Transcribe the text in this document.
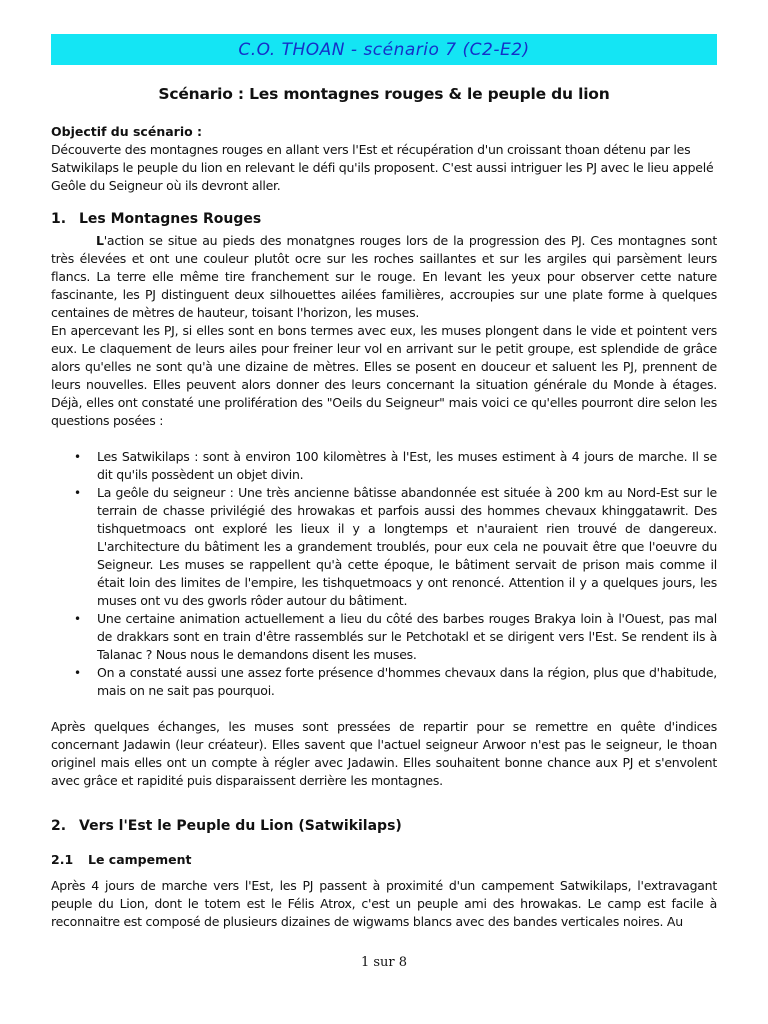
C.O. THOAN - scénario 7 (C2-E2)
Scénario : Les montagnes rouges & le peuple du lion
Objectif du scénario :
Découverte des montagnes rouges en allant vers l'Est et récupération d'un croissant thoan détenu par les Satwikilaps le peuple du lion en relevant le défi qu'ils proposent. C'est aussi intriguer les PJ avec le lieu appelé Geôle du Seigneur où ils devront aller.
1. Les Montagnes Rouges
L'action se situe au pieds des monatgnes rouges lors de la progression des PJ. Ces montagnes sont très élevées et ont une couleur plutôt ocre sur les roches saillantes et sur les argiles qui parsèment leurs flancs. La terre elle même tire franchement sur le rouge. En levant les yeux pour observer cette nature fascinante, les PJ distinguent deux silhouettes ailées familières, accroupies sur une plate forme à quelques centaines de mètres de hauteur, toisant l'horizon, les muses.
En apercevant les PJ, si elles sont en bons termes avec eux, les muses plongent dans le vide et pointent vers eux. Le claquement de leurs ailes pour freiner leur vol en arrivant sur le petit groupe, est splendide de grâce alors qu'elles ne sont qu'à une dizaine de mètres. Elles se posent en douceur et saluent les PJ, prennent de leurs nouvelles. Elles peuvent alors donner des leurs concernant la situation générale du Monde à étages. Déjà, elles ont constaté une prolifération des "Oeils du Seigneur" mais voici ce qu'elles pourront dire selon les questions posées :
• Les Satwikilaps : sont à environ 100 kilomètres à l'Est, les muses estiment à 4 jours de marche. Il se dit qu'ils possèdent un objet divin.
• La geôle du seigneur : Une très ancienne bâtisse abandonnée est située à 200 km au Nord-Est sur le terrain de chasse privilégié des hrowakas et parfois aussi des hommes chevaux khinggatawrit. Des tishquetmoacs ont exploré les lieux il y a longtemps et n'auraient rien trouvé de dangereux. L'architecture du bâtiment les a grandement troublés, pour eux cela ne pouvait être que l'oeuvre du Seigneur. Les muses se rappellent qu'à cette époque, le bâtiment servait de prison mais comme il était loin des limites de l'empire, les tishquetmoacs y ont renoncé. Attention il y a quelques jours, les muses ont vu des gworls rôder autour du bâtiment.
• Une certaine animation actuellement a lieu du côté des barbes rouges Brakya loin à l'Ouest, pas mal de drakkars sont en train d'être rassemblés sur le Petchotakl et se dirigent vers l'Est. Se rendent ils à Talanac ? Nous nous le demandons disent les muses.
• On a constaté aussi une assez forte présence d'hommes chevaux dans la région, plus que d'habitude, mais on ne sait pas pourquoi.
Après quelques échanges, les muses sont pressées de repartir pour se remettre en quête d'indices concernant Jadawin (leur créateur). Elles savent que l'actuel seigneur Arwoor n'est pas le seigneur, le thoan originel mais elles ont un compte à régler avec Jadawin. Elles souhaitent bonne chance aux PJ et s'envolent avec grâce et rapidité puis disparaissent derrière les montagnes.
2. Vers l'Est le Peuple du Lion (Satwikilaps)
2.1 Le campement
Après 4 jours de marche vers l'Est, les PJ passent à proximité d'un campement Satwikilaps, l'extravagant peuple du Lion, dont le totem est le Félis Atrox, c'est un peuple ami des hrowakas. Le camp est facile à reconnaitre est composé de plusieurs dizaines de wigwams blancs avec des bandes verticales noires. Au
1 sur 8
